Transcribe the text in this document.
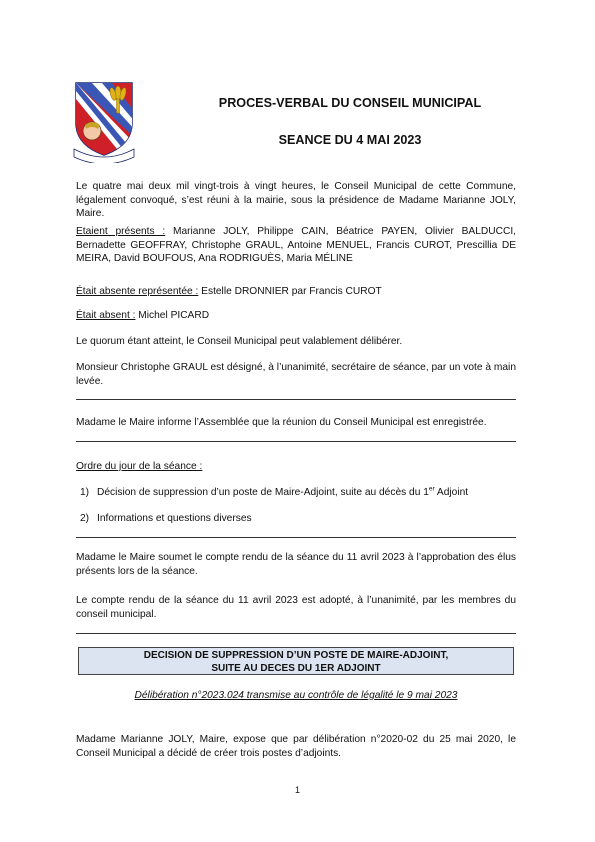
PROCES-VERBAL DU CONSEIL MUNICIPAL
SEANCE DU 4 MAI 2023

Le quatre mai deux mil vingt-trois à vingt heures, le Conseil Municipal de cette Commune, légalement convoqué, s’est réuni à la mairie, sous la présidence de Madame Marianne JOLY, Maire.

Etaient présents : Marianne JOLY, Philippe CAIN, Béatrice PAYEN, Olivier BALDUCCI, Bernadette GEOFFRAY, Christophe GRAUL, Antoine MENUEL, Francis CUROT, Prescillia DE MEIRA, David BOUFOUS, Ana RODRIGUÈS, Maria MÉLINE

Était absente représentée : Estelle DRONNIER par Francis CUROT

Était absent : Michel PICARD

Le quorum étant atteint, le Conseil Municipal peut valablement délibérer.

Monsieur Christophe GRAUL est désigné, à l’unanimité, secrétaire de séance, par un vote à main levée.

Madame le Maire informe l’Assemblée que la réunion du Conseil Municipal est enregistrée.

Ordre du jour de la séance :

1) Décision de suppression d’un poste de Maire-Adjoint, suite au décès du 1er Adjoint

2) Informations et questions diverses

Madame le Maire soumet le compte rendu de la séance du 11 avril 2023 à l’approbation des élus présents lors de la séance.

Le compte rendu de la séance du 11 avril 2023 est adopté, à l’unanimité, par les membres du conseil municipal.

DECISION DE SUPPRESSION D’UN POSTE DE MAIRE-ADJOINT,
SUITE AU DECES DU 1ER ADJOINT

Délibération n°2023.024 transmise au contrôle de légalité le 9 mai 2023

Madame Marianne JOLY, Maire, expose que par délibération n°2020-02 du 25 mai 2020, le Conseil Municipal a décidé de créer trois postes d’adjoints.

1
